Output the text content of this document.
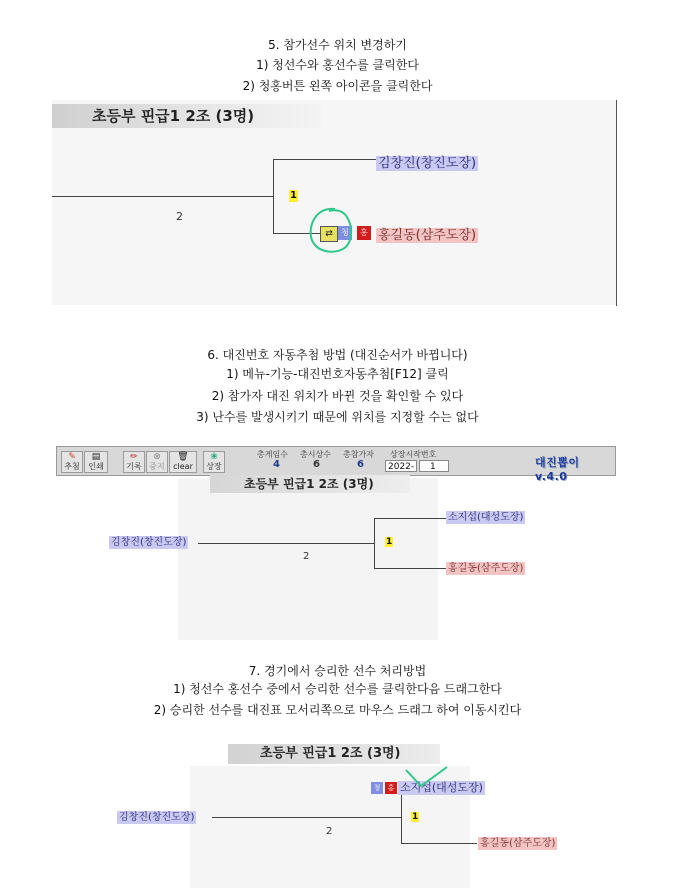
5. 참가선수 위치 변경하기
1) 청선수와 홍선수를 클릭한다
2) 청홍버튼 왼쪽 아이콘을 클릭한다
초등부 핀급1 2조 (3명)
1
2
김창진(창진도장)
홍길동(삼주도장)
⇄	청	홍
6. 대진번호 자동추첨 방법 (대진순서가 바뀝니다)
1) 메뉴-기능-대진번호자동추첨[F12] 클릭
2) 참가자 대진 위치가 바뀐 것을 확인할 수 있다
3) 난수를 발생시키기 때문에 위치를 지정할 수는 없다
✎
추첨
▤
인쇄
✏
기록
⊗
중지
🗑
clear
❀
상장
총게임수
4
총시상수
6
총참가자
6
상장시작번호
2022-	1	대진뽑이 v.4.0
초등부 핀급1 2조 (3명)
김창진(창진도장)
소지섭(대성도장)
홍길동(삼주도장)
1
2
7. 경기에서 승리한 선수 처리방법
1) 청선수 홍선수 중에서 승리한 선수를 클릭한다음 드래그한다
2) 승리한 선수를 대진표 모서리쪽으로 마우스 드래그 하여 이동시킨다
초등부 핀급1 2조 (3명)
김창진(창진도장)
청	홍 소지섭(대성도장)
홍길동(삼주도장)
1
2
